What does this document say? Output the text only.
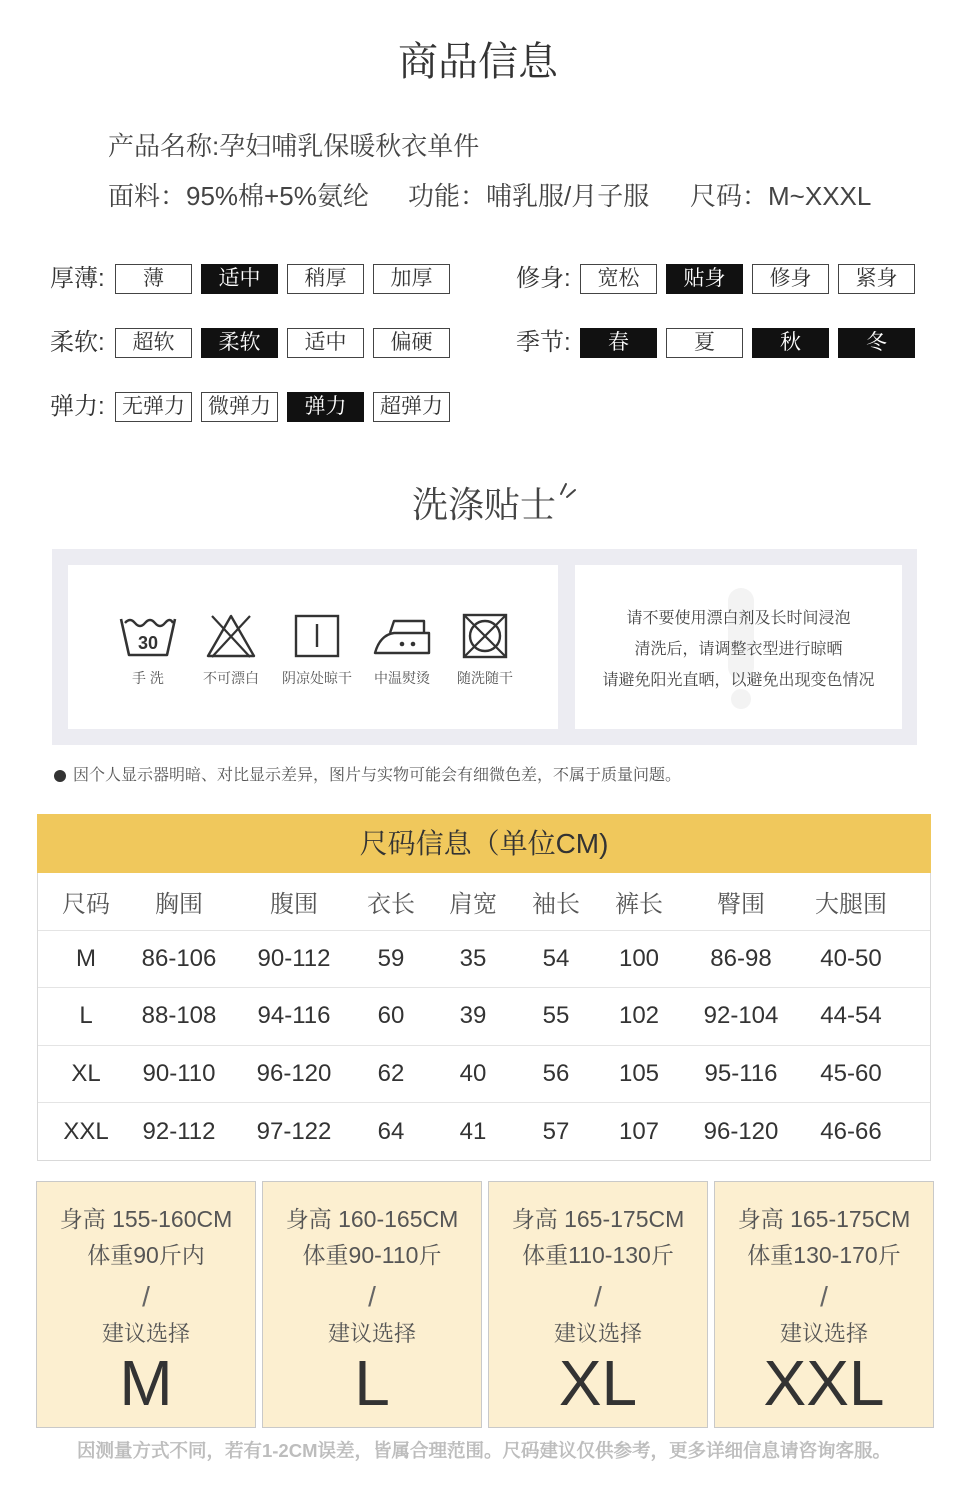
商品信息
产品名称:孕妇哺乳保暖秋衣单件
面料：95%棉+5%氨纶 功能：哺乳服/月子服 尺码：M~XXXL
厚薄:	薄	适中	稍厚	加厚
柔软:	超软	柔软	适中	偏硬
弹力: 无弹力	微弹力	弹力	超弹力
修身:	宽松	贴身	修身	紧身
季节:	春	夏	秋	冬
洗涤贴士
30
手 洗	不可漂白	阴凉处晾干	中温熨烫	随洗随干
请不要使用漂白剂及长时间浸泡
清洗后，请调整衣型进行晾晒
请避免阳光直晒，以避免出现变色情况
因个人显示器明暗、对比显示差异，图片与实物可能会有细微色差，不属于质量问题。
尺码信息（单位CM)
尺码	胸围	腹围	衣长	肩宽	袖长	裤长	臀围	大腿围
M	86-106	90-112	59	35	54	100	86-98	40-50
L	88-108	94-116	60	39	55	102	92-104	44-54
XL	90-110	96-120	62	40	56	105	95-116	45-60
XXL	92-112	97-122	64	41	57	107	96-120	46-66
身高 155-160CM
体重90斤内
/
建议选择
M
身高 160-165CM
体重90-110斤
/
建议选择
L
身高 165-175CM
体重110-130斤
/
建议选择
XL
身高 165-175CM
体重130-170斤
/
建议选择
XXL
因测量方式不同，若有1-2CM误差，皆属合理范围。尺码建议仅供参考，更多详细信息请咨询客服。
